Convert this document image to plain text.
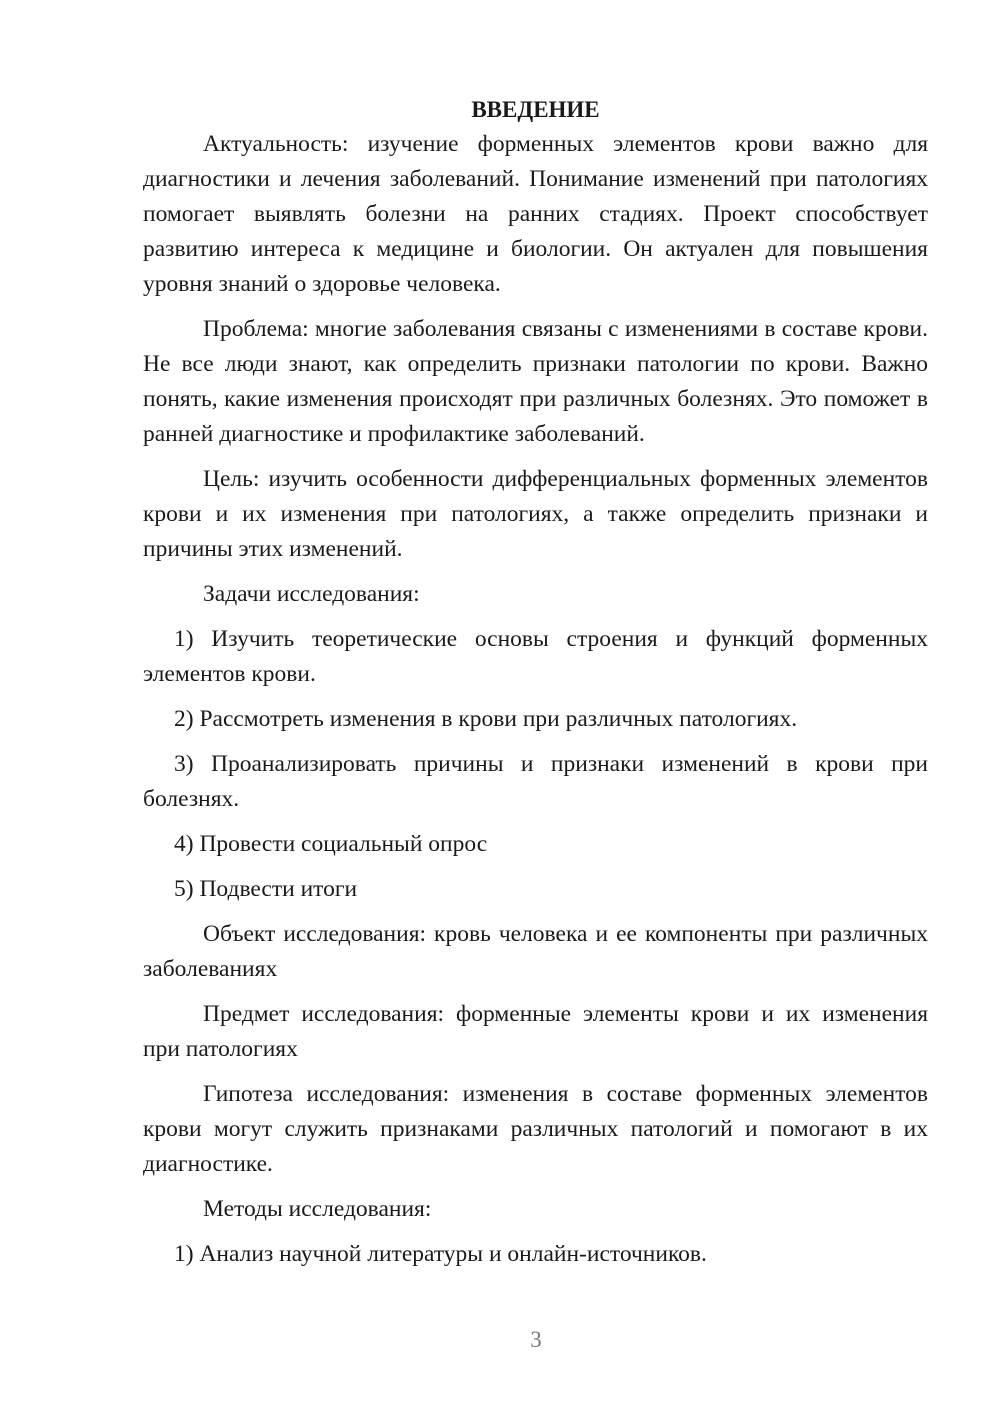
ВВЕДЕНИЕ

Актуальность: изучение форменных элементов крови важно для диагностики и лечения заболеваний. Понимание изменений при патологиях помогает выявлять болезни на ранних стадиях. Проект способствует развитию интереса к медицине и биологии. Он актуален для повышения уровня знаний о здоровье человека.

Проблема: многие заболевания связаны с изменениями в составе крови. Не все люди знают, как определить признаки патологии по крови. Важно понять, какие изменения происходят при различных болезнях. Это поможет в ранней диагностике и профилактике заболеваний.

Цель: изучить особенности дифференциальных форменных элементов крови и их изменения при патологиях, а также определить признаки и причины этих изменений.

Задачи исследования:

1) Изучить теоретические основы строения и функций форменных элементов крови.

2) Рассмотреть изменения в крови при различных патологиях.

3) Проанализировать причины и признаки изменений в крови при болезнях.

4) Провести социальный опрос

5) Подвести итоги

Объект исследования: кровь человека и ее компоненты при различных заболеваниях

Предмет исследования: форменные элементы крови и их изменения при патологиях

Гипотеза исследования: изменения в составе форменных элементов крови могут служить признаками различных патологий и помогают в их диагностике.

Методы исследования:

1) Анализ научной литературы и онлайн-источников.

3
